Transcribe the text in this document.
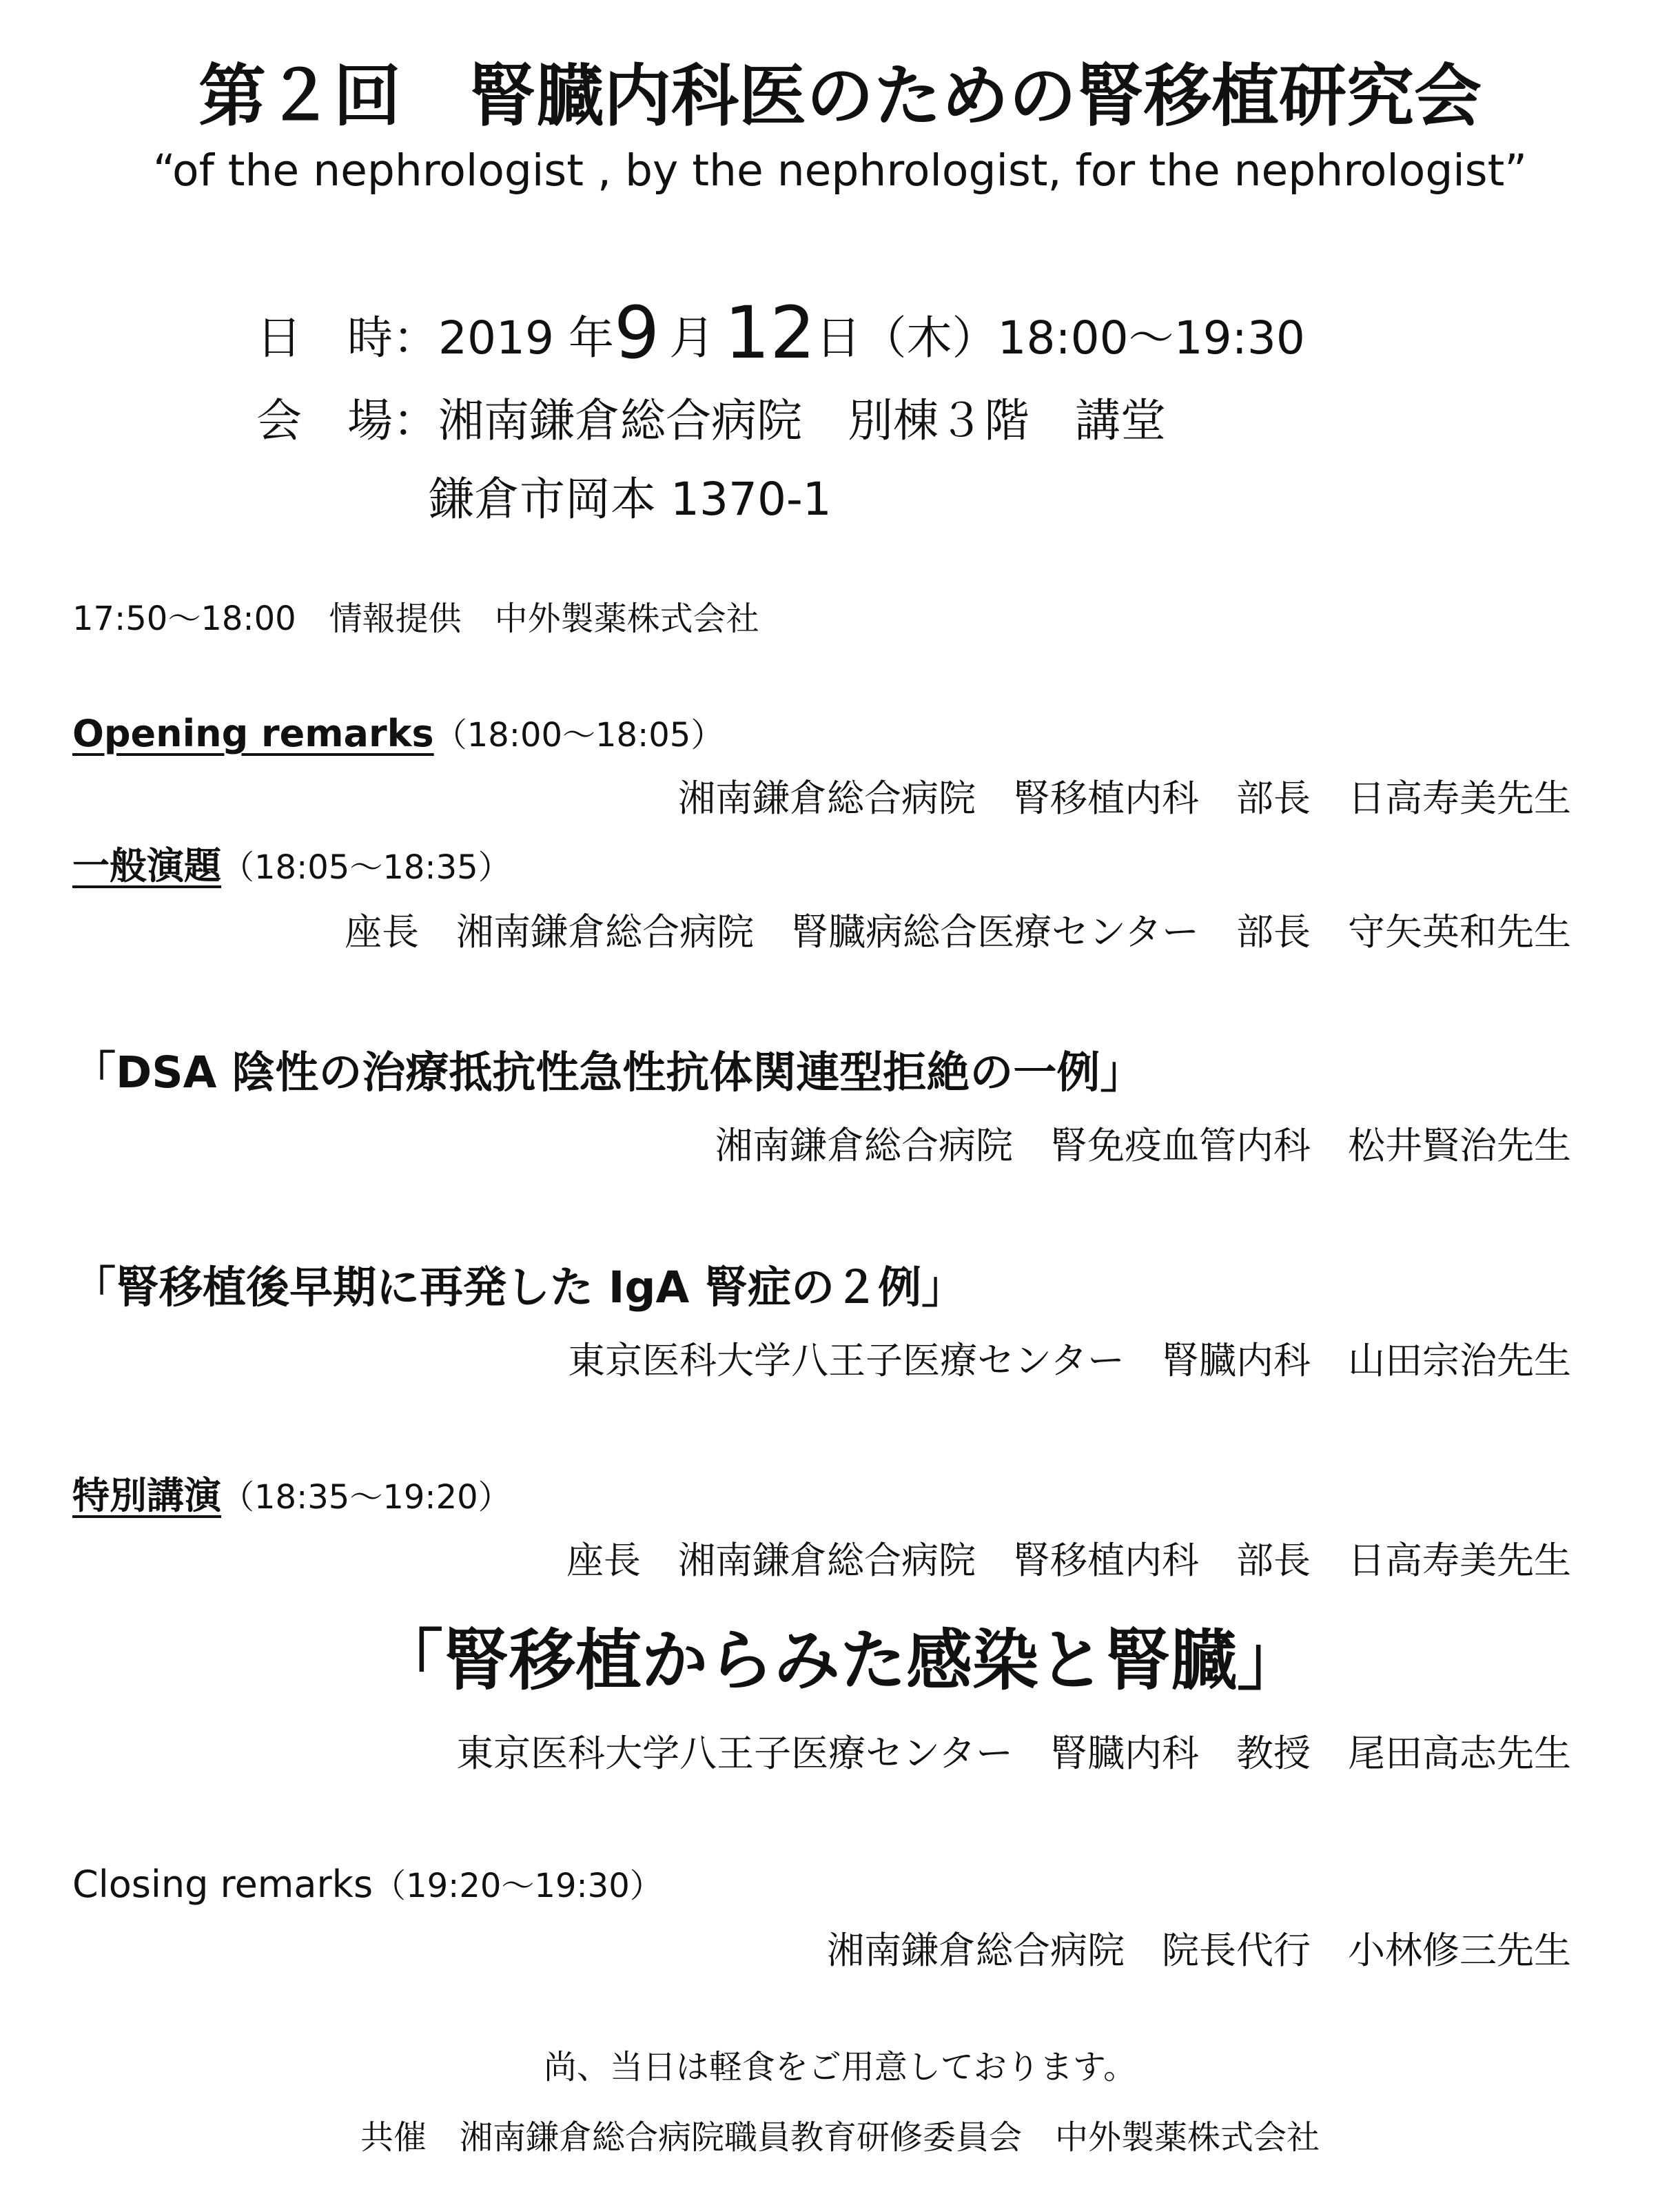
第２回　腎臓内科医のための腎移植研究会
“of the nephrologist , by the nephrologist, for the nephrologist”
日　時：2019 年9 月 12日（木）18:00～19:30
会　場：湘南鎌倉総合病院　別棟３階　講堂
鎌倉市岡本 1370-1
17:50～18:00　情報提供　中外製薬株式会社
Opening remarks（18:00～18:05）
湘南鎌倉総合病院　腎移植内科　部長　日高寿美先生
一般演題（18:05～18:35）
座長　湘南鎌倉総合病院　腎臓病総合医療センター　部長　守矢英和先生
「DSA 陰性の治療抵抗性急性抗体関連型拒絶の一例」
湘南鎌倉総合病院　腎免疫血管内科　松井賢治先生
「腎移植後早期に再発した IgA 腎症の２例」
東京医科大学八王子医療センター　腎臓内科　山田宗治先生
特別講演（18:35～19:20）
座長　湘南鎌倉総合病院　腎移植内科　部長　日高寿美先生
「腎移植からみた感染と腎臓」
東京医科大学八王子医療センター　腎臓内科　教授　尾田高志先生
Closing remarks（19:20～19:30）
湘南鎌倉総合病院　院長代行　小林修三先生
尚、当日は軽食をご用意しております。
共催　湘南鎌倉総合病院職員教育研修委員会　中外製薬株式会社
